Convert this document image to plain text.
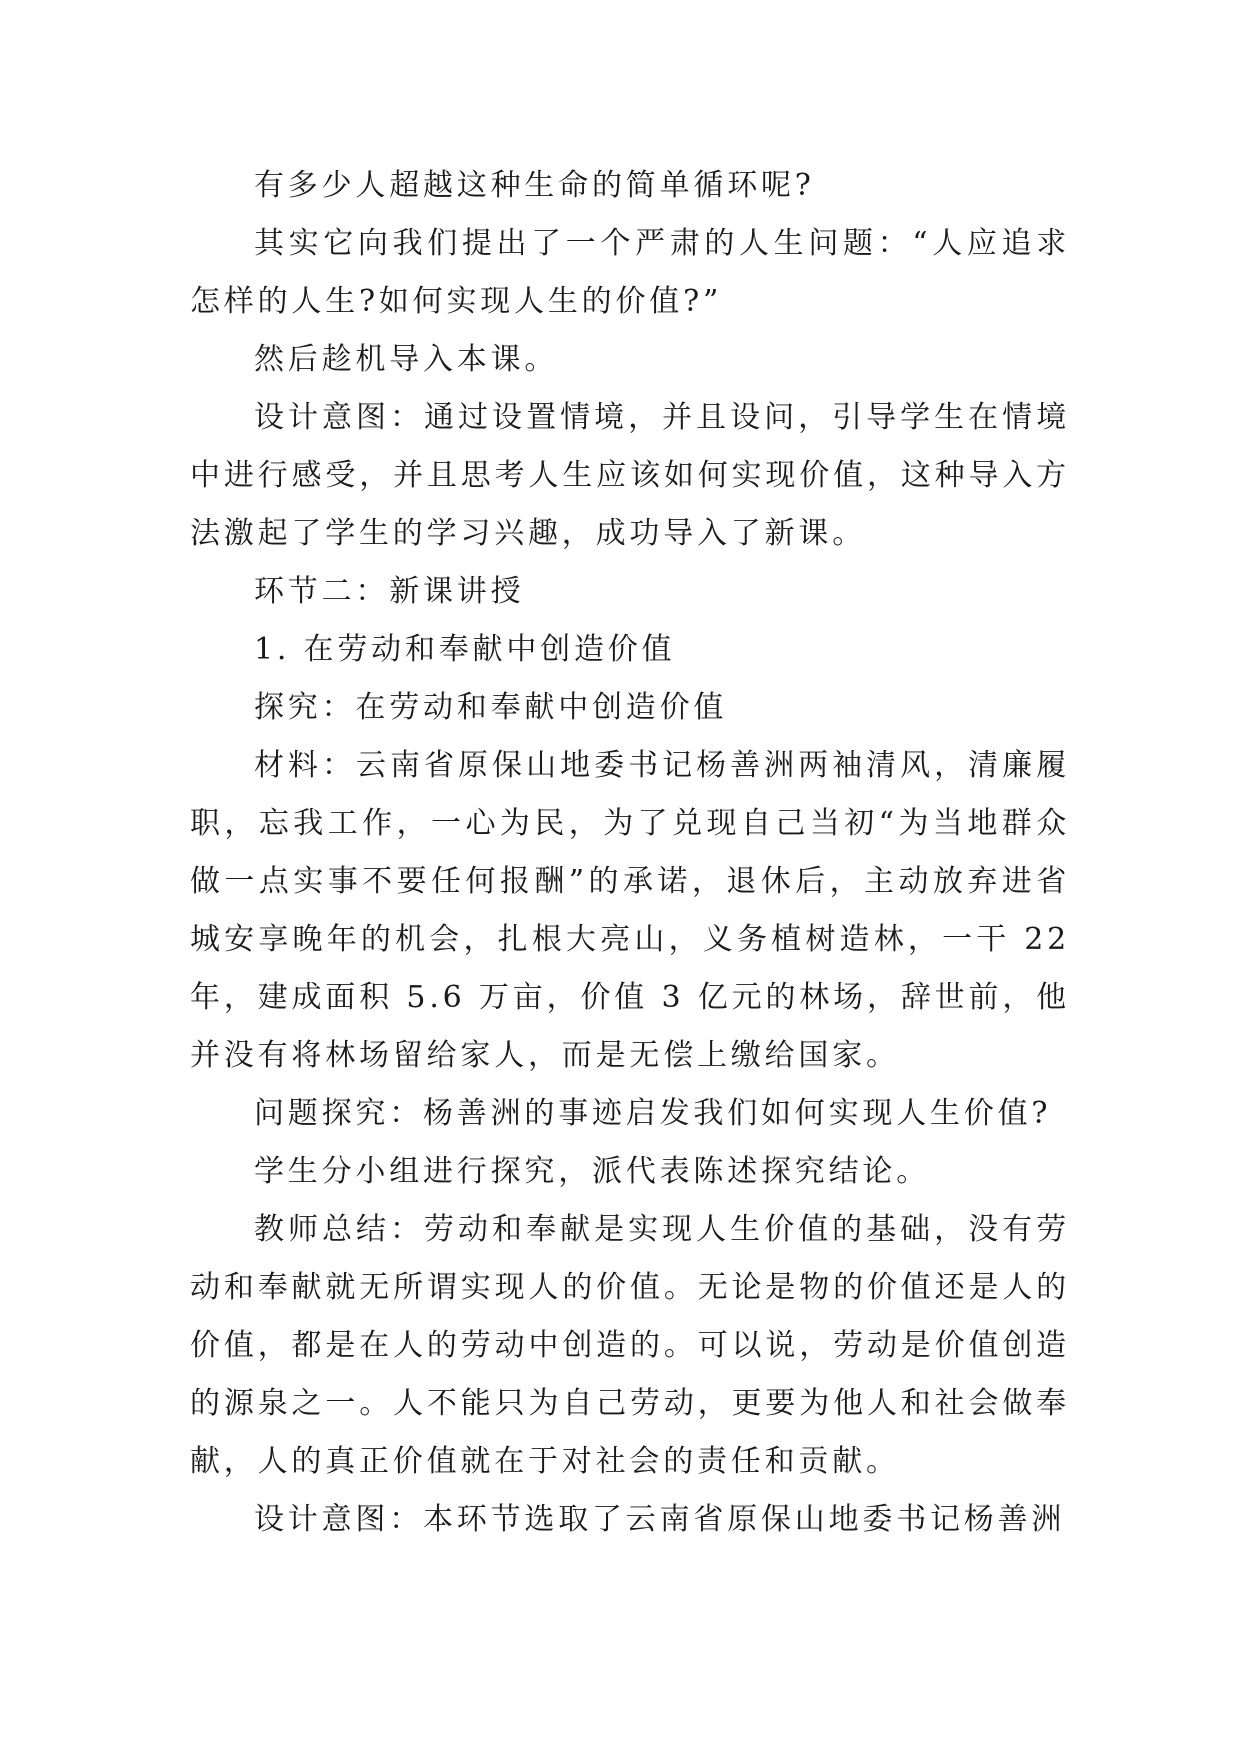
有多少人超越这种生命的简单循环呢?

其实它向我们提出了一个严肃的人生问题：“人应追求怎样的人生?如何实现人生的价值?”

然后趁机导入本课。

设计意图：通过设置情境，并且设问，引导学生在情境中进行感受，并且思考人生应该如何实现价值，这种导入方法激起了学生的学习兴趣，成功导入了新课。

环节二：新课讲授

1. 在劳动和奉献中创造价值

探究：在劳动和奉献中创造价值

材料：云南省原保山地委书记杨善洲两袖清风，清廉履职，忘我工作，一心为民，为了兑现自己当初“为当地群众做一点实事不要任何报酬”的承诺，退休后，主动放弃进省城安享晚年的机会，扎根大亮山，义务植树造林，一干 22 年，建成面积 5.6 万亩，价值 3 亿元的林场，辞世前，他并没有将林场留给家人，而是无偿上缴给国家。

问题探究：杨善洲的事迹启发我们如何实现人生价值?

学生分小组进行探究，派代表陈述探究结论。

教师总结：劳动和奉献是实现人生价值的基础，没有劳动和奉献就无所谓实现人的价值。无论是物的价值还是人的价值，都是在人的劳动中创造的。可以说，劳动是价值创造的源泉之一。人不能只为自己劳动，更要为他人和社会做奉献，人的真正价值就在于对社会的责任和贡献。

设计意图：本环节选取了云南省原保山地委书记杨善洲
